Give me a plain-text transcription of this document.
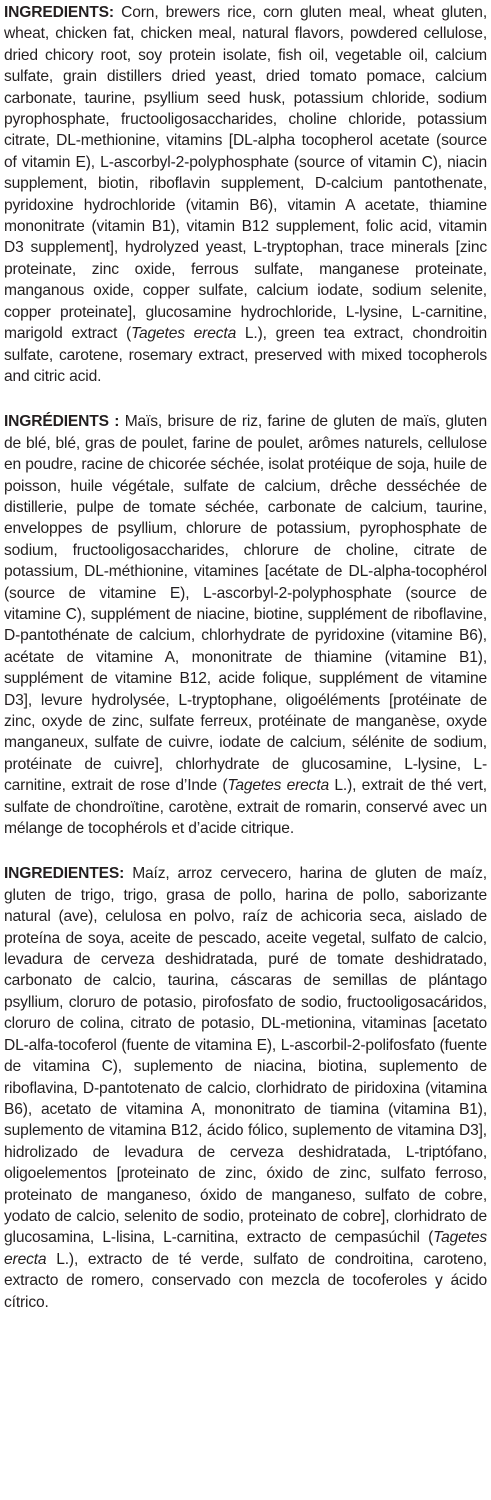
INGREDIENTS: Corn, brewers rice, corn gluten meal, wheat gluten, wheat, chicken fat, chicken meal, natural flavors, powdered cellulose, dried chicory root, soy protein isolate, fish oil, vegetable oil, calcium sulfate, grain distillers dried yeast, dried tomato pomace, calcium carbonate, taurine, psyllium seed husk, potassium chloride, sodium pyrophosphate, fructooligosaccharides, choline chloride, potassium citrate, DL-methionine, vitamins [DL-alpha tocopherol acetate (source of vitamin E), L-ascorbyl-2-polyphosphate (source of vitamin C), niacin supplement, biotin, riboflavin supplement, D-calcium pantothenate, pyridoxine hydrochloride (vitamin B6), vitamin A acetate, thiamine mononitrate (vitamin B1), vitamin B12 supplement, folic acid, vitamin D3 supplement], hydrolyzed yeast, L-tryptophan, trace minerals [zinc proteinate, zinc oxide, ferrous sulfate, manganese proteinate, manganous oxide, copper sulfate, calcium iodate, sodium selenite, copper proteinate], glucosamine hydrochloride, L-lysine, L-carnitine, marigold extract (Tagetes erecta L.), green tea extract, chondroitin sulfate, carotene, rosemary extract, preserved with mixed tocopherols and citric acid.

INGRÉDIENTS : Maïs, brisure de riz, farine de gluten de maïs, gluten de blé, blé, gras de poulet, farine de poulet, arômes naturels, cellulose en poudre, racine de chicorée séchée, isolat protéique de soja, huile de poisson, huile végétale, sulfate de calcium, drêche desséchée de distillerie, pulpe de tomate séchée, carbonate de calcium, taurine, enveloppes de psyllium, chlorure de potassium, pyrophosphate de sodium, fructooligosaccharides, chlorure de choline, citrate de potassium, DL-méthionine, vitamines [acétate de DL-alpha-tocophérol (source de vitamine E), L-ascorbyl-2-polyphosphate (source de vitamine C), supplément de niacine, biotine, supplément de riboflavine, D-pantothénate de calcium, chlorhydrate de pyridoxine (vitamine B6), acétate de vitamine A, mononitrate de thiamine (vitamine B1), supplément de vitamine B12, acide folique, supplément de vitamine D3], levure hydrolysée, L-tryptophane, oligoéléments [protéinate de zinc, oxyde de zinc, sulfate ferreux, protéinate de manganèse, oxyde manganeux, sulfate de cuivre, iodate de calcium, sélénite de sodium, protéinate de cuivre], chlorhydrate de glucosamine, L-lysine, L-carnitine, extrait de rose d’Inde (Tagetes erecta L.), extrait de thé vert, sulfate de chondroïtine, carotène, extrait de romarin, conservé avec un mélange de tocophérols et d’acide citrique.

INGREDIENTES: Maíz, arroz cervecero, harina de gluten de maíz, gluten de trigo, trigo, grasa de pollo, harina de pollo, saborizante natural (ave), celulosa en polvo, raíz de achicoria seca, aislado de proteína de soya, aceite de pescado, aceite vegetal, sulfato de calcio, levadura de cerveza deshidratada, puré de tomate deshidratado, carbonato de calcio, taurina, cáscaras de semillas de plántago psyllium, cloruro de potasio, pirofosfato de sodio, fructooligosacáridos, cloruro de colina, citrato de potasio, DL-metionina, vitaminas [acetato DL-alfa-tocoferol (fuente de vitamina E), L-ascorbil-2-polifosfato (fuente de vitamina C), suplemento de niacina, biotina, suplemento de riboflavina, D-pantotenato de calcio, clorhidrato de piridoxina (vitamina B6), acetato de vitamina A, mononitrato de tiamina (vitamina B1), suplemento de vitamina B12, ácido fólico, suplemento de vitamina D3], hidrolizado de levadura de cerveza deshidratada, L-triptófano, oligoelementos [proteinato de zinc, óxido de zinc, sulfato ferroso, proteinato de manganeso, óxido de manganeso, sulfato de cobre, yodato de calcio, selenito de sodio, proteinato de cobre], clorhidrato de glucosamina, L-lisina, L-carnitina, extracto de cempasúchil (Tagetes erecta L.), extracto de té verde, sulfato de condroitina, caroteno, extracto de romero, conservado con mezcla de tocoferoles y ácido cítrico.
